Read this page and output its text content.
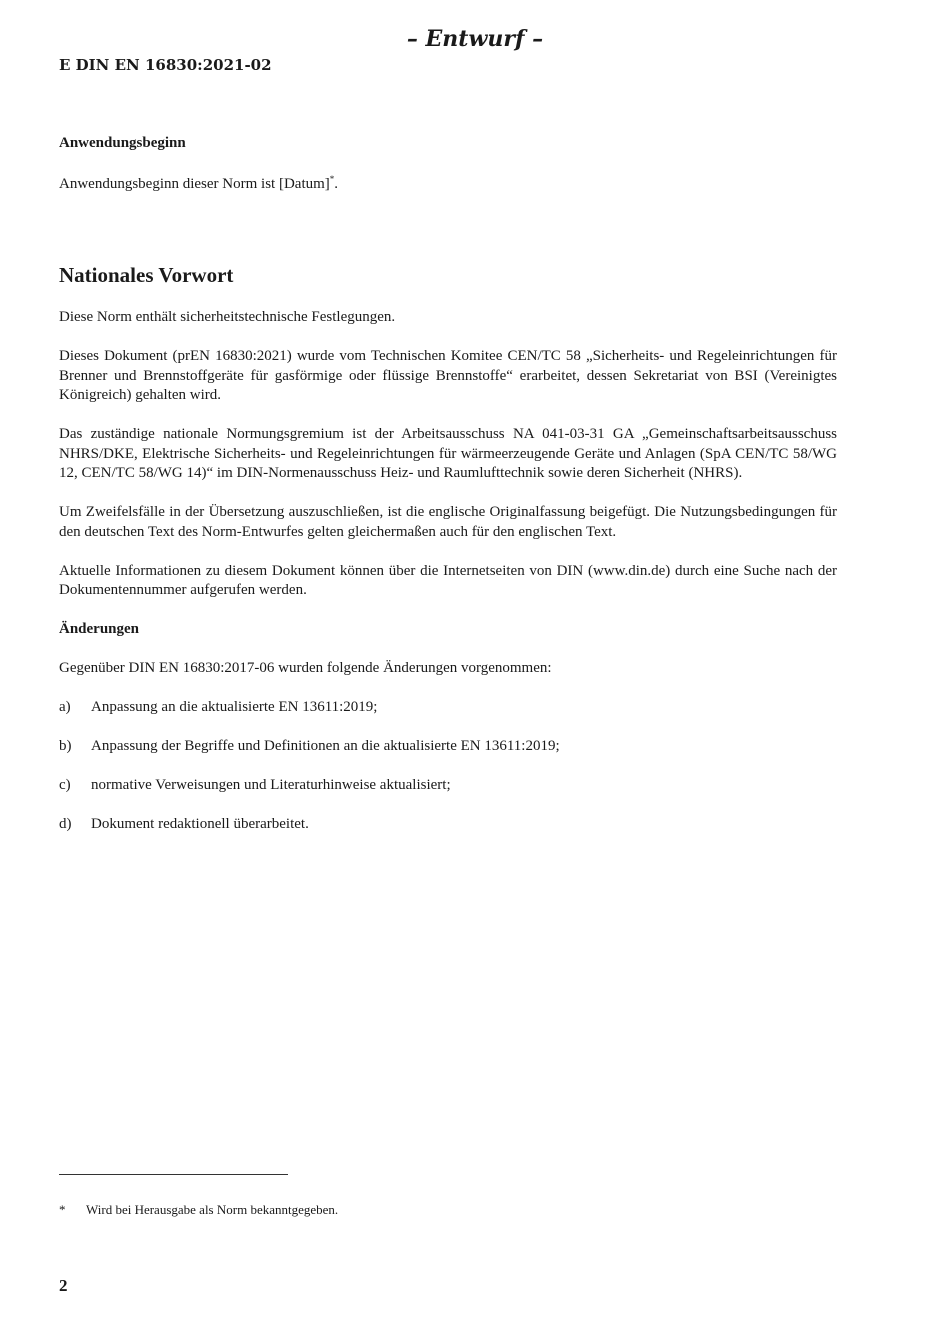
– Entwurf –
E DIN EN 16830:2021-02

Anwendungsbeginn

Anwendungsbeginn dieser Norm ist [Datum]*.

Nationales Vorwort

Diese Norm enthält sicherheitstechnische Festlegungen.

Dieses Dokument (prEN 16830:2021) wurde vom Technischen Komitee CEN/TC 58 „Sicherheits- und Regeleinrichtungen für Brenner und Brennstoffgeräte für gasförmige oder flüssige Brennstoffe“ erarbeitet, dessen Sekretariat von BSI (Vereinigtes Königreich) gehalten wird.

Das zuständige nationale Normungsgremium ist der Arbeitsausschuss NA 041-03-31 GA „Gemeinschaftsarbeitsausschuss NHRS/DKE, Elektrische Sicherheits- und Regeleinrichtungen für wärmeerzeugende Geräte und Anlagen (SpA CEN/TC 58/WG 12, CEN/TC 58/WG 14)“ im DIN-Normenausschuss Heiz- und Raumlufttechnik sowie deren Sicherheit (NHRS).

Um Zweifelsfälle in der Übersetzung auszuschließen, ist die englische Originalfassung beigefügt. Die Nutzungsbedingungen für den deutschen Text des Norm-Entwurfes gelten gleichermaßen auch für den englischen Text.

Aktuelle Informationen zu diesem Dokument können über die Internetseiten von DIN (www.din.de) durch eine Suche nach der Dokumentennummer aufgerufen werden.

Änderungen

Gegenüber DIN EN 16830:2017-06 wurden folgende Änderungen vorgenommen:

a)	Anpassung an die aktualisierte EN 13611:2019;
b)	Anpassung der Begriffe und Definitionen an die aktualisierte EN 13611:2019;
c)	normative Verweisungen und Literaturhinweise aktualisiert;
d)	Dokument redaktionell überarbeitet.
*	Wird bei Herausgabe als Norm bekanntgegeben.
2
